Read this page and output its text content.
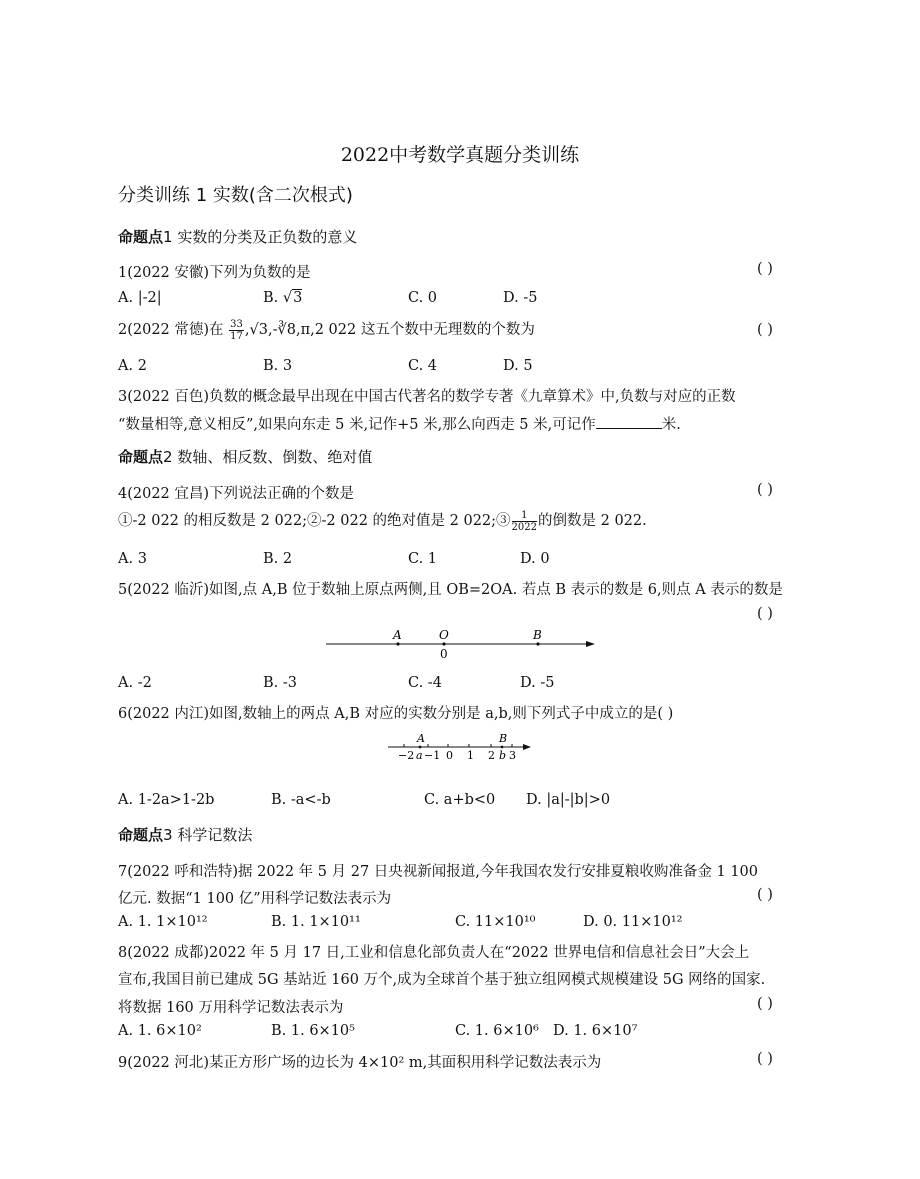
2022中考数学真题分类训练
分类训练 1 实数(含二次根式)
命题点1 实数的分类及正负数的意义
1(2022 安徽)下列为负数的是	( )
A. |-2|	B. √3	C. 0	D. -5
2(2022 常德)在 $\frac{33}{17}$ ,√3,-∛8,π,2 022 这五个数中无理数的个数为	( )
A. 2	B. 3	C. 4	D. 5
3(2022 百色)负数的概念最早出现在中国古代著名的数学专著《九章算术》中,负数与对应的正数
“数量相等,意义相反”,如果向东走 5 米,记作+5 米,那么向西走 5 米,可记作	米.
命题点2 数轴、相反数、倒数、绝对值
4(2022 宜昌)下列说法正确的个数是	( )
①-2 022 的相反数是 2 022;②-2 022 的绝对值是 2 022;③ $\frac{1}{2022}$ 的倒数是 2 022.
A. 3	B. 2	C. 1	D. 0
5(2022 临沂)如图,点 A,B 位于数轴上原点两侧,且 OB=2OA. 若点 B 表示的数是 6,则点 A 表示的数是
( )
A	O
0
B
A. -2	B. -3	C. -4	D. -5
6(2022 内江)如图,数轴上的两点 A,B 对应的实数分别是 a,b,则下列式子中成立的是( )
A	B
−2 a −1 0 1 2 b 3
A. 1-2a>1-2b	B. -a<-b	C. a+b<0 D. |a|-|b|>0
命题点3 科学记数法
7(2022 呼和浩特)据 2022 年 5 月 27 日央视新闻报道,今年我国农发行安排夏粮收购准备金 1 100
亿元. 数据“1 100 亿”用科学记数法表示为	( )
A. 1. 1×10¹²	B. 1. 1×10¹¹	C. 11×10¹⁰	D. 0. 11×10¹²
8(2022 成都)2022 年 5 月 17 日,工业和信息化部负责人在“2022 世界电信和信息社会日”大会上
宣布,我国目前已建成 5G 基站近 160 万个,成为全球首个基于独立组网模式规模建设 5G 网络的国家.
将数据 160 万用科学记数法表示为	( )
A. 1. 6×10²	B. 1. 6×10⁵	C. 1. 6×10⁶ D. 1. 6×10⁷
9(2022 河北)某正方形广场的边长为 4×10² m,其面积用科学记数法表示为	( )
